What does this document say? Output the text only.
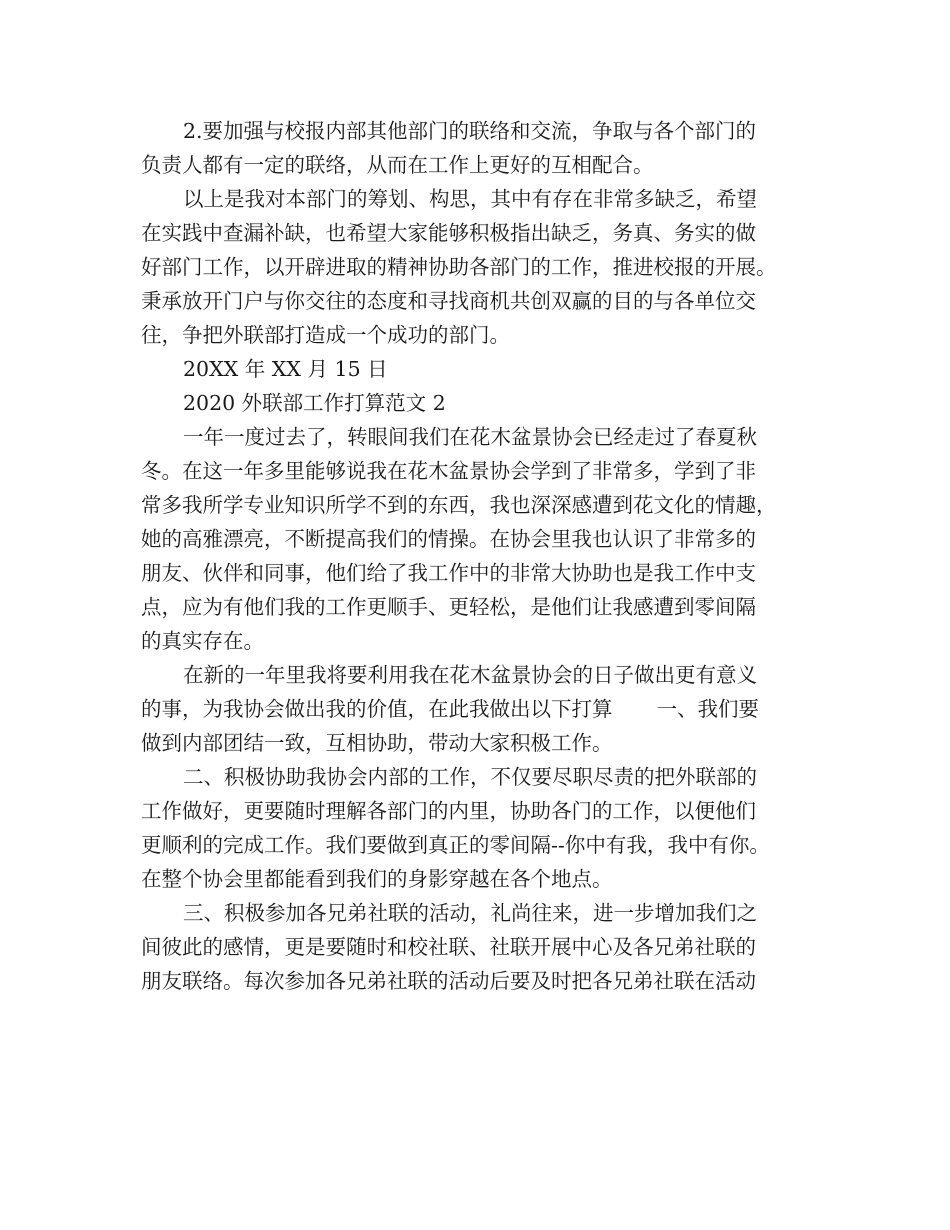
2.要加强与校报内部其他部门的联络和交流，争取与各个部门的

负责人都有一定的联络，从而在工作上更好的互相配合。

以上是我对本部门的筹划、构思，其中有存在非常多缺乏，希望

在实践中查漏补缺，也希望大家能够积极指出缺乏，务真、务实的做

好部门工作，以开辟进取的精神协助各部门的工作，推进校报的开展。

秉承放开门户与你交往的态度和寻找商机共创双赢的目的与各单位交

往，争把外联部打造成一个成功的部门。

20XX 年 XX 月 15 日

2020 外联部工作打算范文 2

一年一度过去了，转眼间我们在花木盆景协会已经走过了春夏秋

冬。在这一年多里能够说我在花木盆景协会学到了非常多，学到了非

常多我所学专业知识所学不到的东西，我也深深感遭到花文化的情趣，

她的高雅漂亮，不断提高我们的情操。在协会里我也认识了非常多的

朋友、伙伴和同事，他们给了我工作中的非常大协助也是我工作中支

点，应为有他们我的工作更顺手、更轻松，是他们让我感遭到零间隔

的真实存在。

在新的一年里我将要利用我在花木盆景协会的日子做出更有意义

的事，为我协会做出我的价值，在此我做出以下打算 一、我们要

做到内部团结一致，互相协助，带动大家积极工作。

二、积极协助我协会内部的工作，不仅要尽职尽责的把外联部的

工作做好，更要随时理解各部门的内里，协助各门的工作，以便他们

更顺利的完成工作。我们要做到真正的零间隔--你中有我，我中有你。

在整个协会里都能看到我们的身影穿越在各个地点。

三、积极参加各兄弟社联的活动，礼尚往来，进一步增加我们之

间彼此的感情，更是要随时和校社联、社联开展中心及各兄弟社联的

朋友联络。每次参加各兄弟社联的活动后要及时把各兄弟社联在活动
